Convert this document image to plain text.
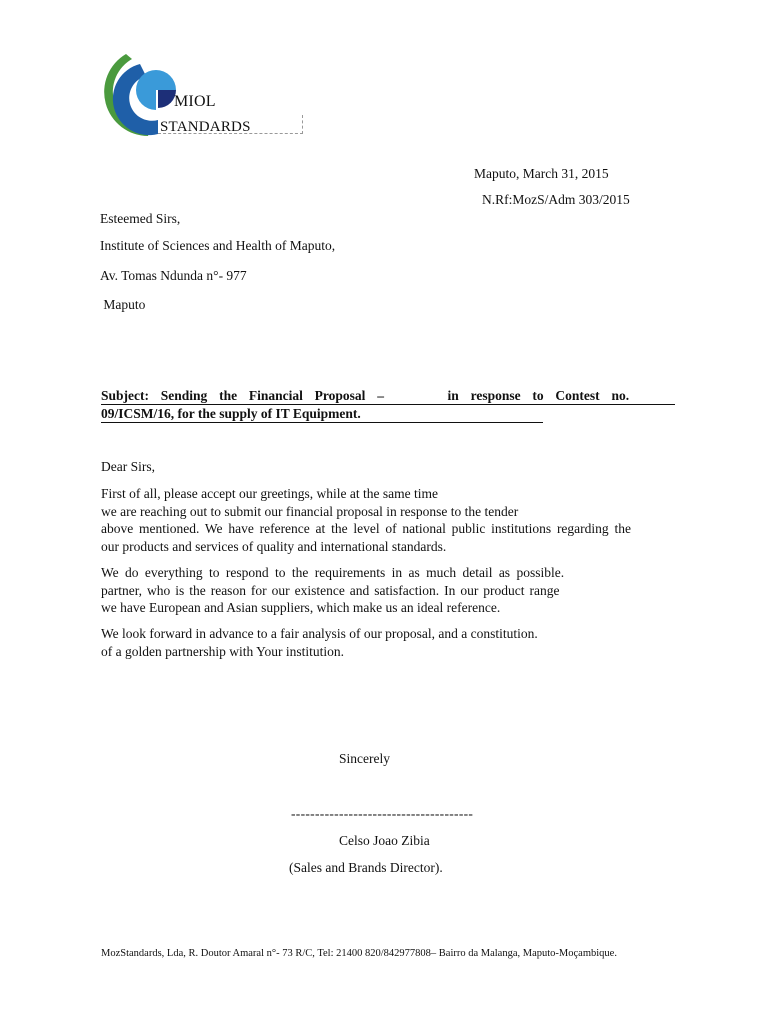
MIOL
STANDARDS
Maputo, March 31, 2015
N.Rf:MozS/Adm 303/2015
Esteemed Sirs,
Institute of Sciences and Health of Maputo,
Av. Tomas Ndunda n°- 977
Maputo
Subject: Sending the Financial Proposal –	in response to Contest no.
09/ICSM/16, for the supply of IT Equipment.
Dear Sirs,
First of all, please accept our greetings, while at the same time
we are reaching out to submit our financial proposal in response to the tender
above mentioned. We have reference at the level of national public institutions regarding the
our products and services of quality and international standards.
We do everything to respond to the requirements in as much detail as possible.
partner, who is the reason for our existence and satisfaction. In our product range
we have European and Asian suppliers, which make us an ideal reference.
We look forward in advance to a fair analysis of our proposal, and a constitution.
of a golden partnership with Your institution.
Sincerely
--------------------------------------
Celso Joao Zibia
(Sales and Brands Director).
MozStandards, Lda, R. Doutor Amaral n°- 73 R/C, Tel: 21400 820/842977808– Bairro da Malanga, Maputo-Moçambique.
